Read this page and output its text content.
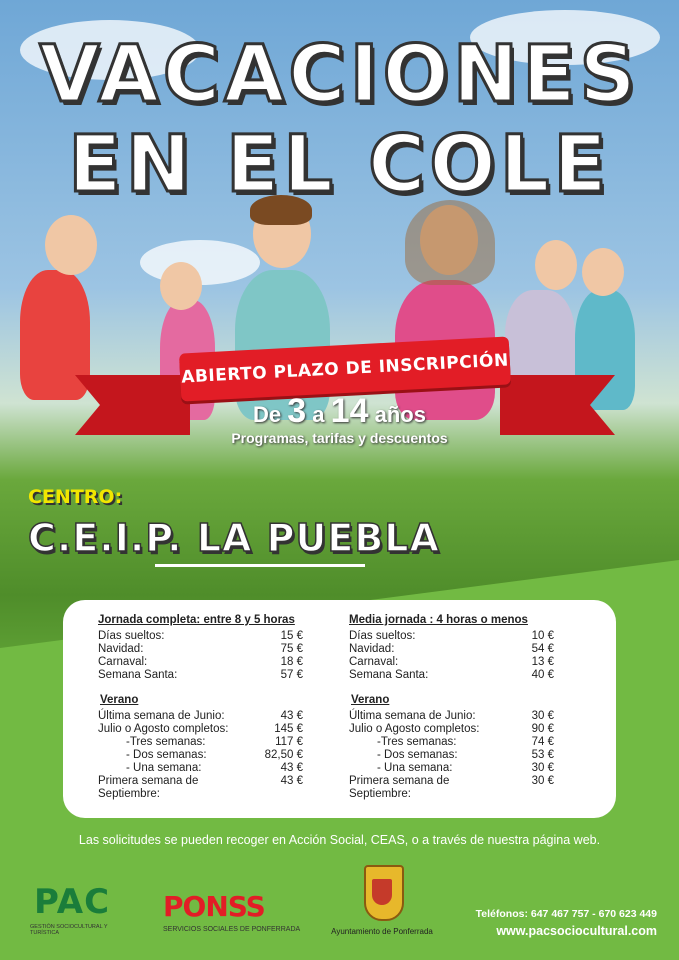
VACACIONES
EN EL COLE
ABIERTO PLAZO DE INSCRIPCIÓN
De 3 a 14 años
Programas, tarifas y descuentos
CENTRO:
C.E.I.P. LA PUEBLA
Jornada completa: entre 8 y 5 horas
Días sueltos:	15 €
Navidad:	75 €
Carnaval:	18 €
Semana Santa:	57 €
Verano
Última semana de Junio:	43 €
Julio o Agosto completos:	145 €
-Tres semanas:	117 €
- Dos semanas:	82,50 €
- Una semana:	43 €
Primera semana de Septiembre:
43 €
Media jornada : 4 horas o menos
Días sueltos:	10 €
Navidad:	54 €
Carnaval:	13 €
Semana Santa:	40 €
Verano
Última semana de Junio:	30 €
Julio o Agosto completos:	90 €
-Tres semanas:	74 €
- Dos semanas:	53 €
- Una semana:	30 €
Primera semana de Septiembre:
30 €
Las solicitudes se pueden recoger en Acción Social, CEAS, o a través de nuestra página web.
PAC
GESTIÓN SOCIOCULTURAL Y TURÍSTICA
PONSS
SERVICIOS SOCIALES DE PONFERRADA	Ayuntamiento de Ponferrada
Teléfonos: 647 467 757 - 670 623 449
www.pacsociocultural.com
